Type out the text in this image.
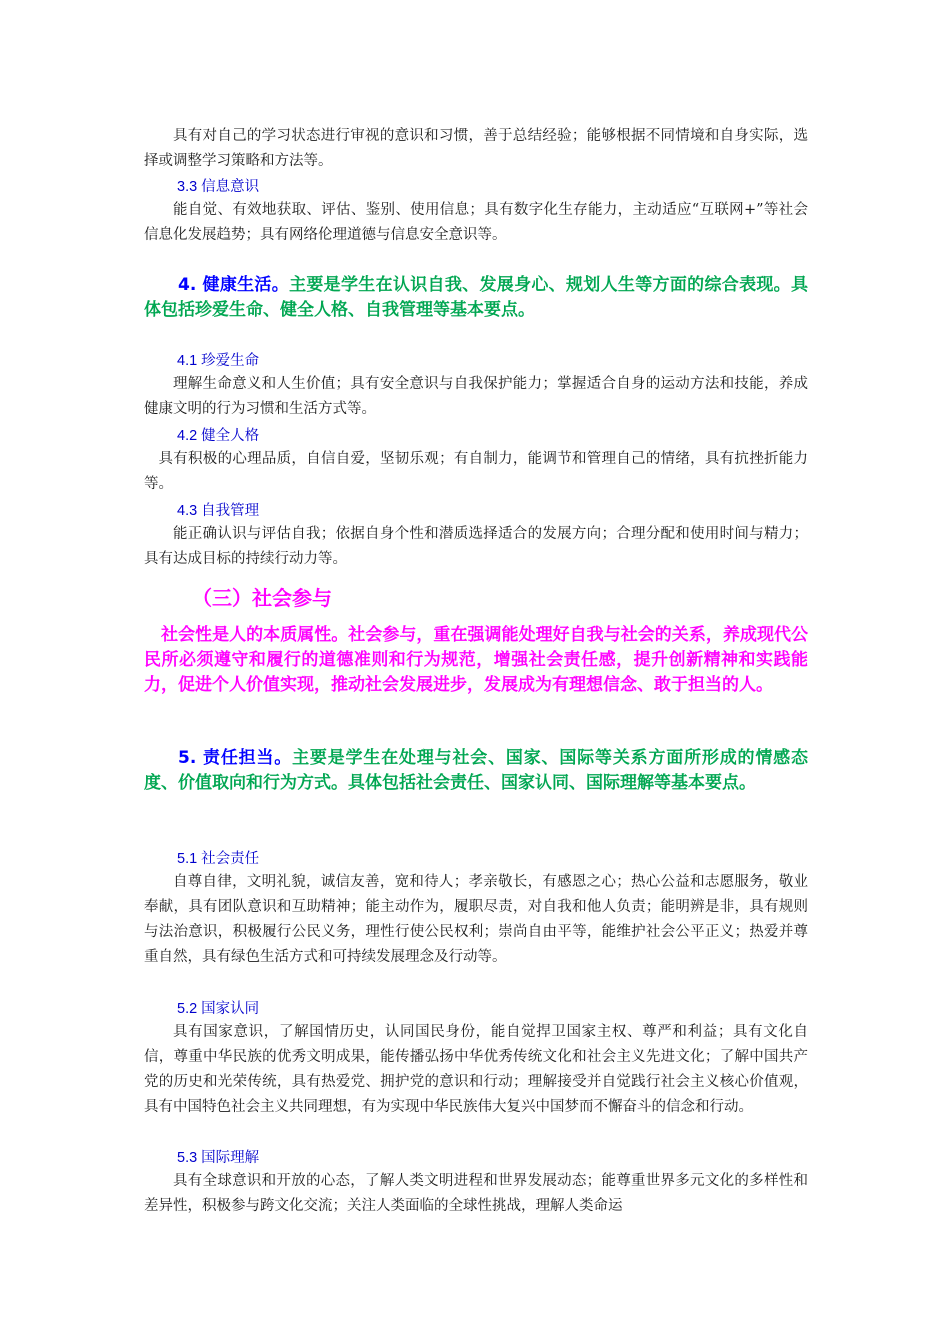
具有对自己的学习状态进行审视的意识和习惯，善于总结经验；能够根据不同情境和自身实际，选择或调整学习策略和方法等。

3.3 信息意识

能自觉、有效地获取、评估、鉴别、使用信息；具有数字化生存能力，主动适应“互联网+”等社会信息化发展趋势；具有网络伦理道德与信息安全意识等。

4. 健康生活。主要是学生在认识自我、发展身心、规划人生等方面的综合表现。具体包括珍爱生命、健全人格、自我管理等基本要点。

4.1 珍爱生命

理解生命意义和人生价值；具有安全意识与自我保护能力；掌握适合自身的运动方法和技能，养成健康文明的行为习惯和生活方式等。

4.2 健全人格

具有积极的心理品质，自信自爱，坚韧乐观；有自制力，能调节和管理自己的情绪，具有抗挫折能力等。

4.3 自我管理

能正确认识与评估自我；依据自身个性和潜质选择适合的发展方向；合理分配和使用时间与精力；具有达成目标的持续行动力等。

（三）社会参与

社会性是人的本质属性。社会参与，重在强调能处理好自我与社会的关系，养成现代公民所必须遵守和履行的道德准则和行为规范，增强社会责任感，提升创新精神和实践能力，促进个人价值实现，推动社会发展进步，发展成为有理想信念、敢于担当的人。

5. 责任担当。主要是学生在处理与社会、国家、国际等关系方面所形成的情感态度、价值取向和行为方式。具体包括社会责任、国家认同、国际理解等基本要点。

5.1 社会责任

自尊自律，文明礼貌，诚信友善，宽和待人；孝亲敬长，有感恩之心；热心公益和志愿服务，敬业奉献，具有团队意识和互助精神；能主动作为，履职尽责，对自我和他人负责；能明辨是非，具有规则与法治意识，积极履行公民义务，理性行使公民权利；崇尚自由平等，能维护社会公平正义；热爱并尊重自然，具有绿色生活方式和可持续发展理念及行动等。

5.2 国家认同

具有国家意识，了解国情历史，认同国民身份，能自觉捍卫国家主权、尊严和利益；具有文化自信，尊重中华民族的优秀文明成果，能传播弘扬中华优秀传统文化和社会主义先进文化；了解中国共产党的历史和光荣传统，具有热爱党、拥护党的意识和行动；理解接受并自觉践行社会主义核心价值观，具有中国特色社会主义共同理想，有为实现中华民族伟大复兴中国梦而不懈奋斗的信念和行动。

5.3 国际理解

具有全球意识和开放的心态，了解人类文明进程和世界发展动态；能尊重世界多元文化的多样性和差异性，积极参与跨文化交流；关注人类面临的全球性挑战，理解人类命运
